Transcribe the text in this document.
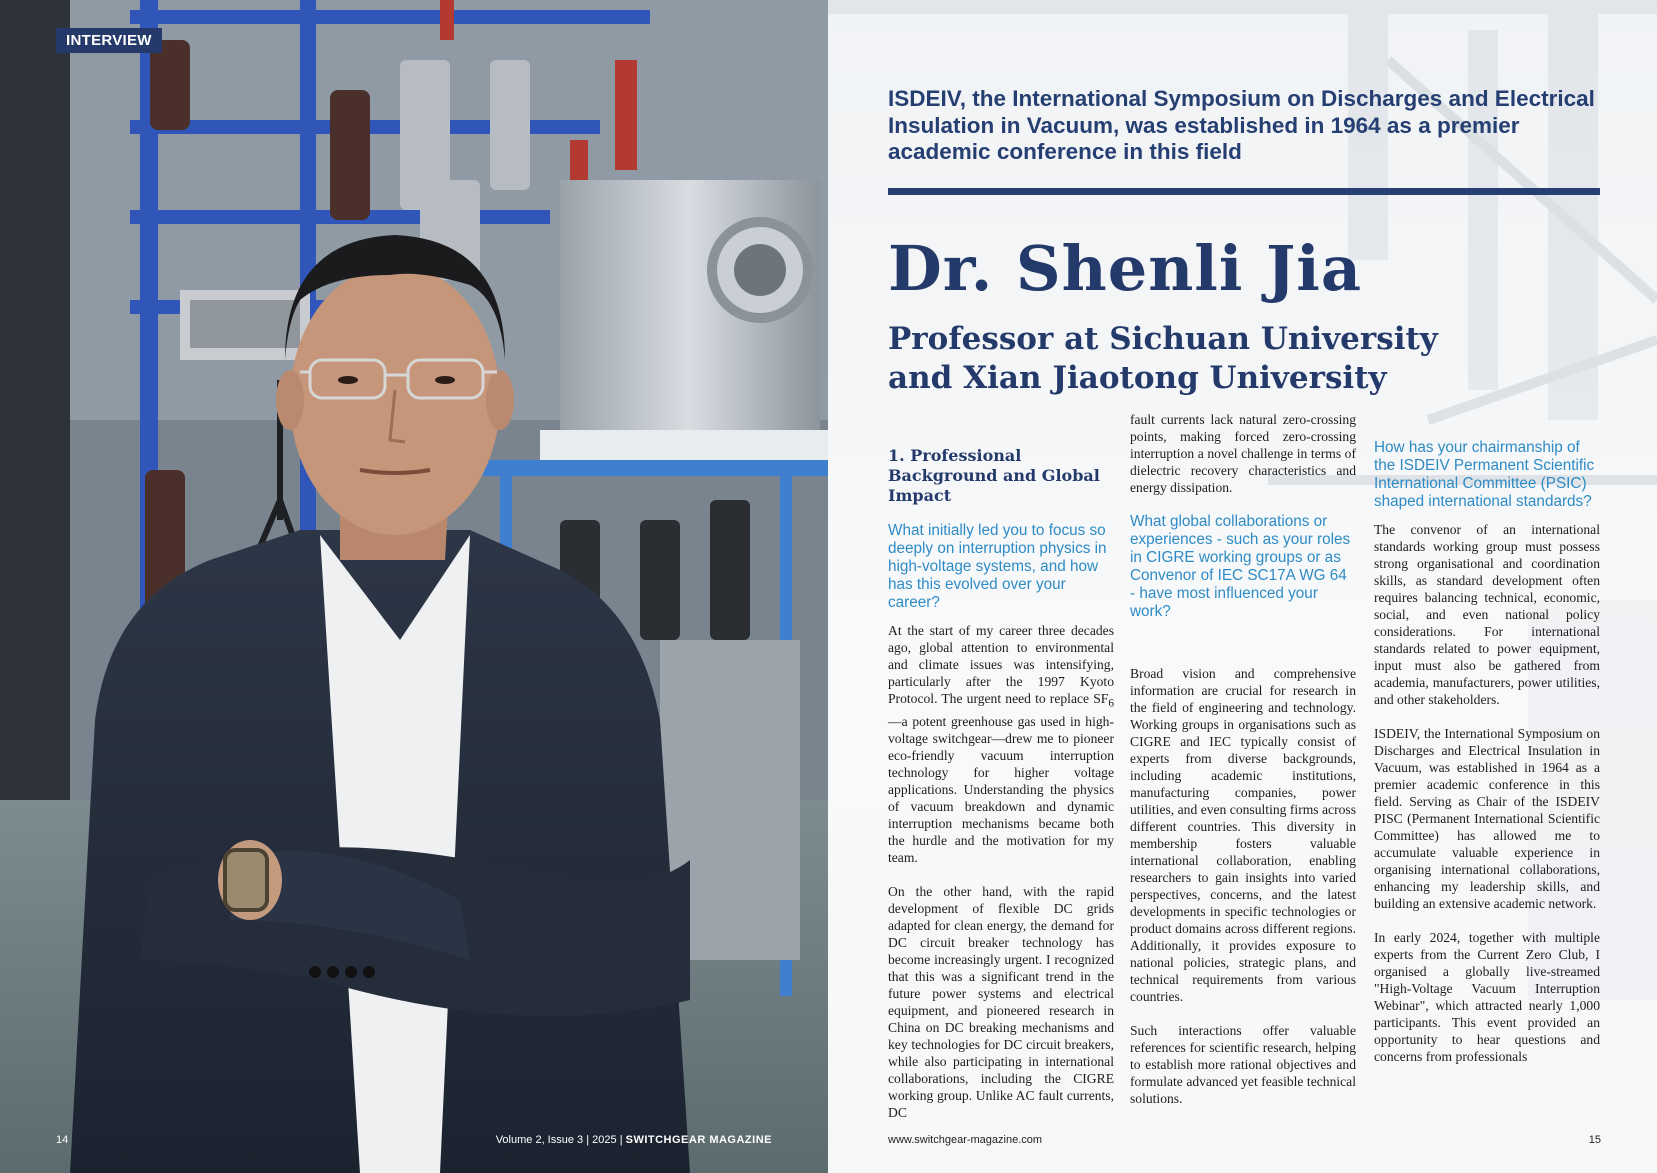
INTERVIEW
14	Volume 2, Issue 3 | 2025 | SWITCHGEAR MAGAZINE
ISDEIV, the International Symposium on Discharges and Electrical Insulation in Vacuum, was established in 1964 as a premier academic conference in this field
Dr. Shenli Jia
Professor at Sichuan University
and Xian Jiaotong University
1. Professional Background and Global Impact
What initially led you to focus so deeply on interruption physics in high-voltage systems, and how has this evolved over your career?
At the start of my career three decades ago, global attention to environmental and climate issues was intensifying, particularly after the 1997 Kyoto Protocol. The urgent need to replace $SF_6—a$ potent greenhouse gas used in high-voltage switchgear—drew me to pioneer eco-friendly vacuum interruption technology for higher voltage applications. Understanding the physics of vacuum breakdown and dynamic interruption mechanisms became both the hurdle and the motivation for my team.
On the other hand, with the rapid development of flexible DC grids adapted for clean energy, the demand for DC circuit breaker technology has become increasingly urgent. I recognized that this was a significant trend in the future power systems and electrical equipment, and pioneered research in China on DC breaking mechanisms and key technologies for DC circuit breakers, while also participating in international collaborations, including the CIGRE working group. Unlike AC fault currents, DC
fault currents lack natural zero-crossing points, making forced zero-crossing interruption a novel challenge in terms of dielectric recovery characteristics and energy dissipation.
What global collaborations or experiences - such as your roles in CIGRE working groups or as Convenor of IEC SC17A WG 64 - have most influenced your work?
Broad vision and comprehensive information are crucial for research in the field of engineering and technology. Working groups in organisations such as CIGRE and IEC typically consist of experts from diverse backgrounds, including academic institutions, manufacturing companies, power utilities, and even consulting firms across different countries. This diversity in membership fosters valuable international collaboration, enabling researchers to gain insights into varied perspectives, concerns, and the latest developments in specific technologies or product domains across different regions. Additionally, it provides exposure to national policies, strategic plans, and technical requirements from various countries.
Such interactions offer valuable references for scientific research, helping to establish more rational objectives and formulate advanced yet feasible technical solutions.
How has your chairmanship of the ISDEIV Permanent Scientific International Committee (PSIC) shaped international standards?
The convenor of an international standards working group must possess strong organisational and coordination skills, as standard development often requires balancing technical, economic, social, and even national policy considerations. For international standards related to power equipment, input must also be gathered from academia, manufacturers, power utilities, and other stakeholders.
ISDEIV, the International Symposium on Discharges and Electrical Insulation in Vacuum, was established in 1964 as a premier academic conference in this field. Serving as Chair of the ISDEIV PISC (Permanent International Scientific Committee) has allowed me to accumulate valuable experience in organising international collaborations, enhancing my leadership skills, and building an extensive academic network.
In early 2024, together with multiple experts from the Current Zero Club, I organised a globally live-streamed "High-Voltage Vacuum Interruption Webinar", which attracted nearly 1,000 participants. This event provided an opportunity to hear questions and concerns from professionals
www.switchgear-magazine.com	15
